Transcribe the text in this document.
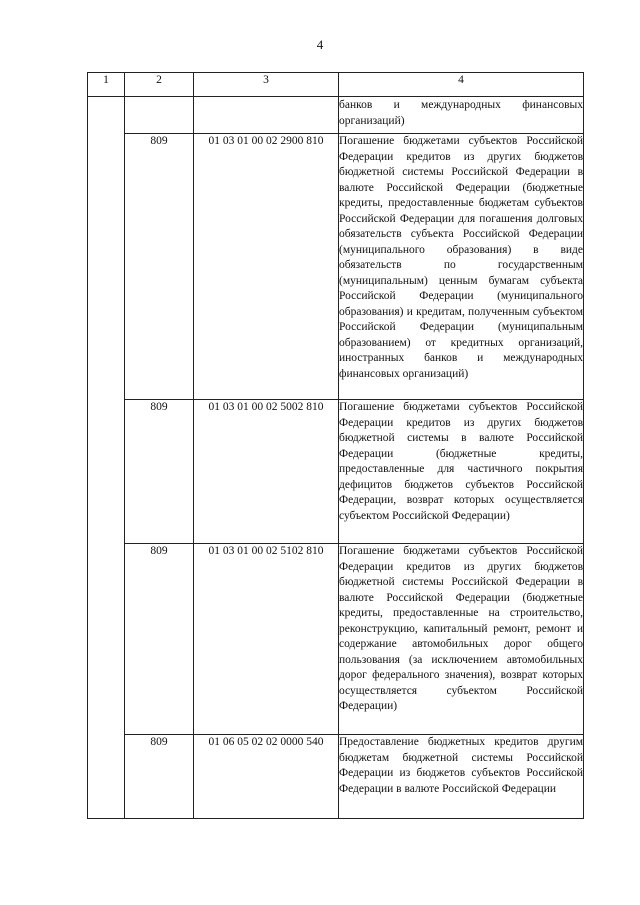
4
1	2	3	4
			банков и международных финансовых организаций)
	809	01 03 01 00 02 2900 810	Погашение бюджетами субъектов Российской Федерации кредитов из других бюджетов бюджетной системы Российской Федерации в валюте Российской Федерации (бюджетные кредиты, предоставленные бюджетам субъектов Российской Федерации для погашения долговых обязательств субъекта Российской Федерации (муниципального образования) в виде обязательств по государственным (муниципальным) ценным бумагам субъекта Российской Федерации (муниципального образования) и кредитам, полученным субъектом Российской Федерации (муниципальным образованием) от кредитных организаций, иностранных банков и международных финансовых организаций)
	809	01 03 01 00 02 5002 810	Погашение бюджетами субъектов Российской Федерации кредитов из других бюджетов бюджетной системы в валюте Российской Федерации (бюджетные кредиты, предоставленные для частичного покрытия дефицитов бюджетов субъектов Российской Федерации, возврат которых осуществляется субъектом Российской Федерации)
	809	01 03 01 00 02 5102 810	Погашение бюджетами субъектов Российской Федерации кредитов из других бюджетов бюджетной системы Российской Федерации в валюте Российской Федерации (бюджетные кредиты, предоставленные на строительство, реконструкцию, капитальный ремонт, ремонт и содержание автомобильных дорог общего пользования (за исключением автомобильных дорог федерального значения), возврат которых осуществляется субъектом Российской Федерации)
	809	01 06 05 02 02 0000 540	Предоставление бюджетных кредитов другим бюджетам бюджетной системы Российской Федерации из бюджетов субъектов Российской Федерации в валюте Российской Федерации
